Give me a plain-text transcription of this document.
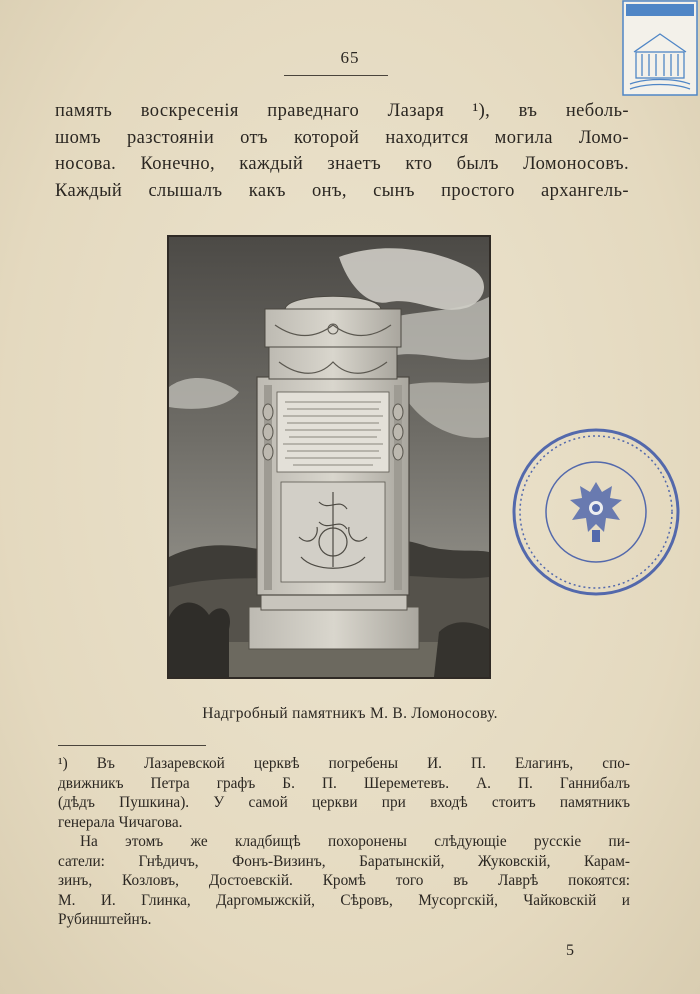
65
память воскресенія праведнаго Лазаря ¹), въ неболь-
шомъ разстояніи отъ которой находится могила Ломо-
носова. Конечно, каждый знаетъ кто былъ Ломоносовъ.
Каждый слышалъ какъ онъ, сынъ простого архангель-
Надгробный памятникъ М. В. Ломоносову.

¹) Въ Лазаревской церквѣ погребены И. П. Елагинъ, спо-
движникъ Петра графъ Б. П. Шереметевъ. А. П. Ганнибалъ
(дѣдъ Пушкина). У самой церкви при входѣ стоитъ памятникъ
генерала Чичагова.

На этомъ же кладбищѣ похоронены слѣдующіе русскіе пи-
сатели: Гнѣдичъ, Фонъ-Визинъ, Баратынскій, Жуковскій, Карам-
зинъ, Козловъ, Достоевскій. Кромѣ того въ Лаврѣ покоятся:
М. И. Глинка, Даргомыжскій, Сѣровъ, Мусоргскій, Чайковскій и
Рубинштейнъ.

5
